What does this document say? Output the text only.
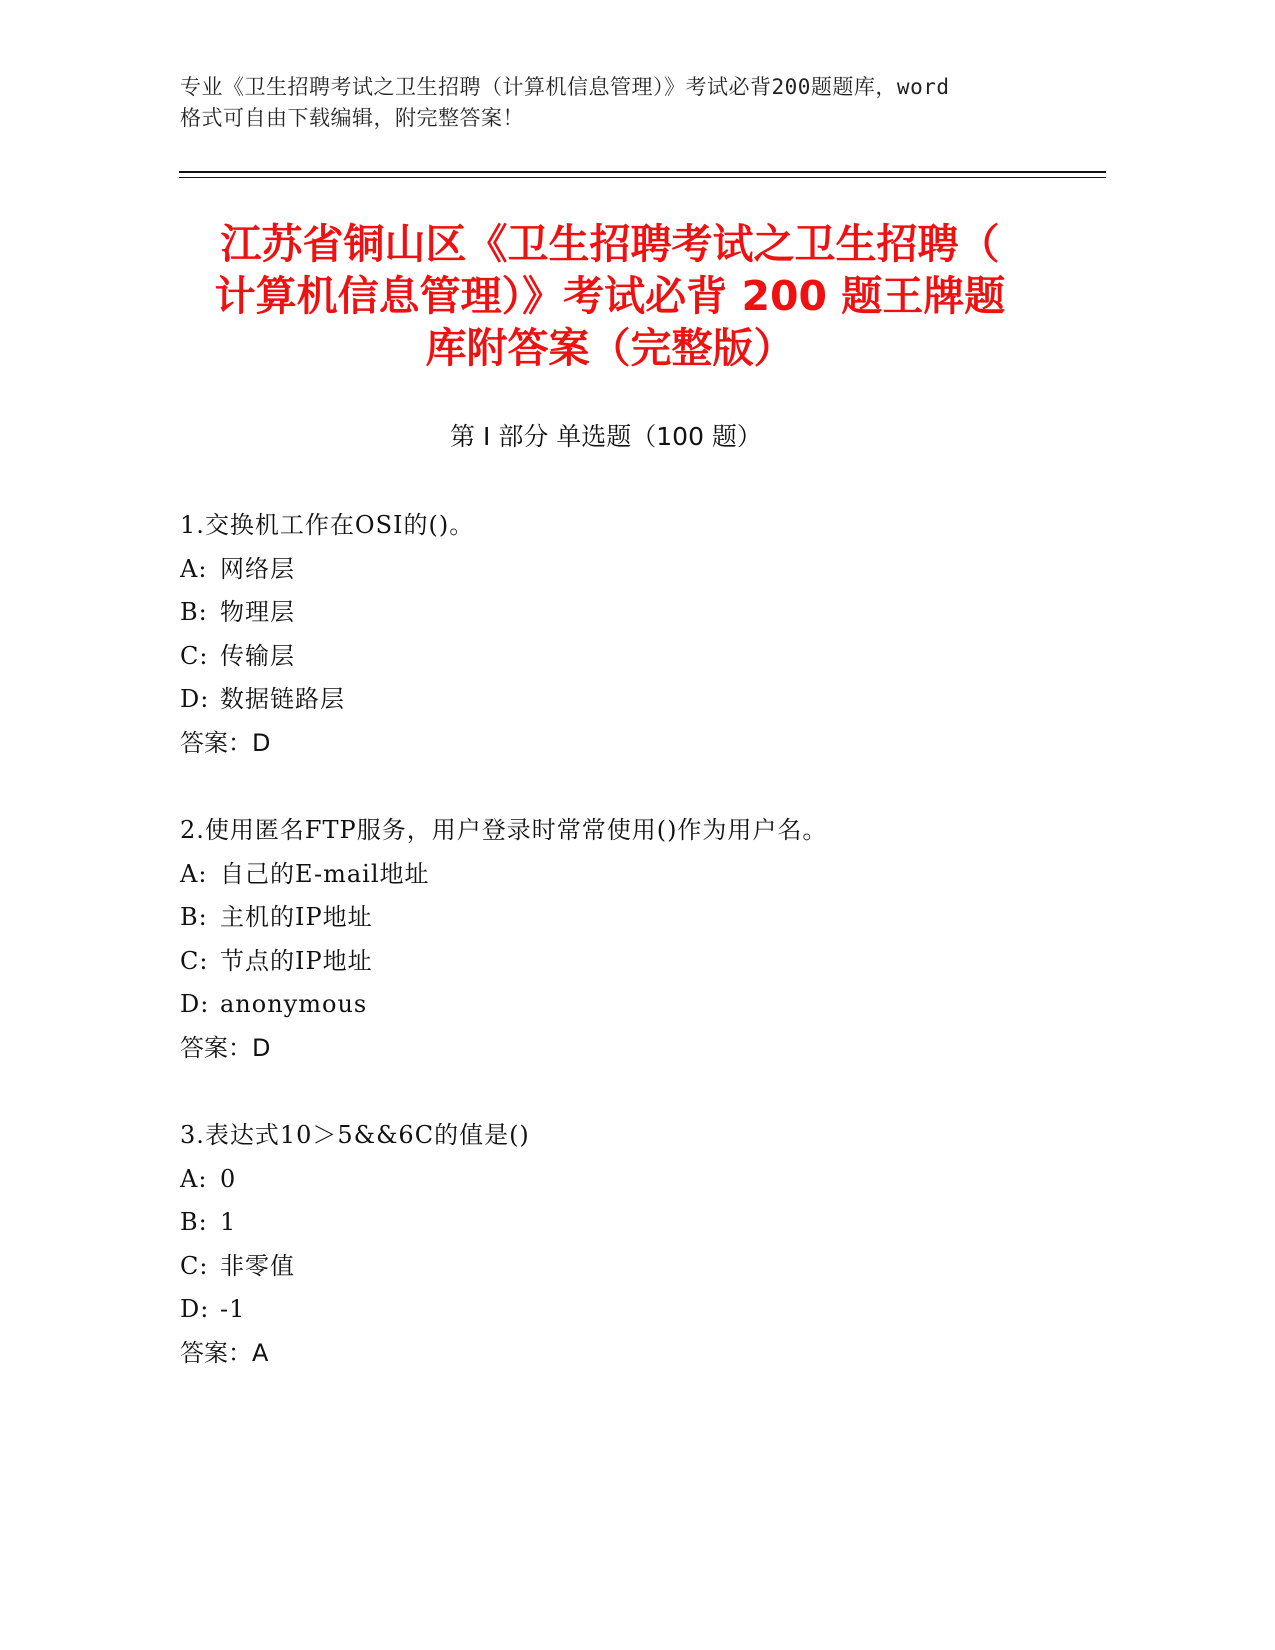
专业《卫生招聘考试之卫生招聘（计算机信息管理）》考试必背200题题库，word
格式可自由下载编辑，附完整答案！
江苏省铜山区《卫生招聘考试之卫生招聘（
计算机信息管理）》考试必背 200 题王牌题
库附答案（完整版）
第 I 部分 单选题（100 题）
1.交换机工作在OSI的()。
A: 网络层
B: 物理层
C: 传输层
D: 数据链路层
答案：D
2.使用匿名FTP服务，用户登录时常常使用()作为用户名。
A: 自己的E-mail地址
B: 主机的IP地址
C: 节点的IP地址
D: anonymous
答案：D
3.表达式10＞5&&6C的值是()
A: 0
B: 1
C: 非零值
D: -1
答案：A
